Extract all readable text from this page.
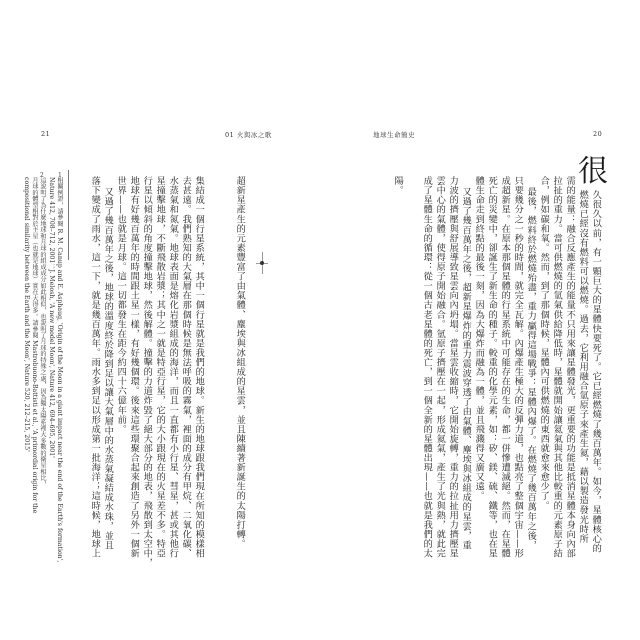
21	01 火與冰之歌
超新星產生的元素豐富了由氣體、塵埃與冰組成的星雲，並且陳續著新誕生的太陽打轉。
集結成一個行星系統，其中一個行星就是我們的地球。新生的地球跟我們現在所知的模樣相
去甚遠。我們熟知的大氣層在那個時候是無法呼吸的霧氣，裡面的成分有甲烷、二氧化碳、
水蒸氣和氮氣。地球表面是熔化岩漿組成的海洋，而且一直都有小行星、彗星，甚或其他行
星撞擊地球，不斷飛散岩漿；其中之一就是特亞行星，它的大小跟現在的火星差不多。特亞
行星以傾斜的角度撞擊地球，然後解體。撞擊的力道炸毀了絕大部分的地表，飛散到太空中，
地球有好幾百萬年的時間跟土星一樣，有好幾個環。後來這些環聚合起來創造了另外一個新
世界——也就是月球。這一切都發生在距今約四十六億年前。
又過了幾百萬年之後，地球的溫度終於降到足以讓大氣層中的水蒸氣凝結成水珠，並且
落下變成了雨水，這一下，就是幾百萬年。雨水多到足以形成第一批海洋；這時候，地球上
1
相關例證，請參閱 R. M. Canup and E. Asphaug, 'Origin of the Moon in a giant impact near the end of the Earth's formation',
Nature 412, 708–712, 2001；J. Melosh, 'A new model Moon', Nature 412, 694–695, 2001。
2
這說明了為什麼地球和月球的組成成分如此相似，也說明了月球的特殊之處，因為獨太陽系裡大多數的衛星相比，
月球的體型相對於主星（也就是地球）實在大得多。請參閱 Mastrobuono-Battisti et al., 'A primordial origin for the
compositional similarity between the Earth and the Moon', Nature 520, 212–215, 2015。
地球生命簡史	20
很
久很久以前，有一顆巨大的星體快要死了。它已經燃燒了幾百萬年。如今，星體核心的
燃燒已經沒有燃料可以燃燒。過去，它利用融合氫原子來產生氦，藉以製造發光時所
需的能量：融合反應產生的能量不只用來讓星體發光，更重要的功能是抵消星體本身向內部
拉扯的重力。當可供燃燒的氫氣供給降低時，星體就開始讓氦氣與其他比較重的元素原子結
合，例如碳和氧。然而，到了那個時候，星體內可供燃燒的東西就愈來愈少了。
最後，燃料終於燃燒殆盡，重力贏得這場戰爭：星體內爆了。在燃燒了幾百萬年之後，
只要幾分之一秒的時間，就完全瓦解。內爆產生極大的反彈力道，也點亮了整個宇宙——形
成超新星。在原本那個星體的行星系統中可能存在的生命，都一併慘遭滅絕。然而，在星體
死亡的災變中，卻誕生了新生命的種子。較重的化學元素，如：矽、鎂、硫、鐵等，也在星
體生命走到終點的最後一刻，因為大爆炸而融為一體，並且飛濺得又廣又遠。
又過了幾百萬年之後，超新星爆炸的重力震波穿透了由氣體、塵埃與冰組成的星雲，重
力波的擠壓與舒展導致星雲向內坍塌。當星雲收縮時，它開始旋轉，重力的拉扯用力擠壓星
雲中心的氣體，使得原子開始融合。氫原子擠壓在一起，形成氦氣，產生了光與熱，就此完
成了星體生命的循環：從一個古老星體的死亡，到一個全新的星體出現——也就是我們的太
陽。
